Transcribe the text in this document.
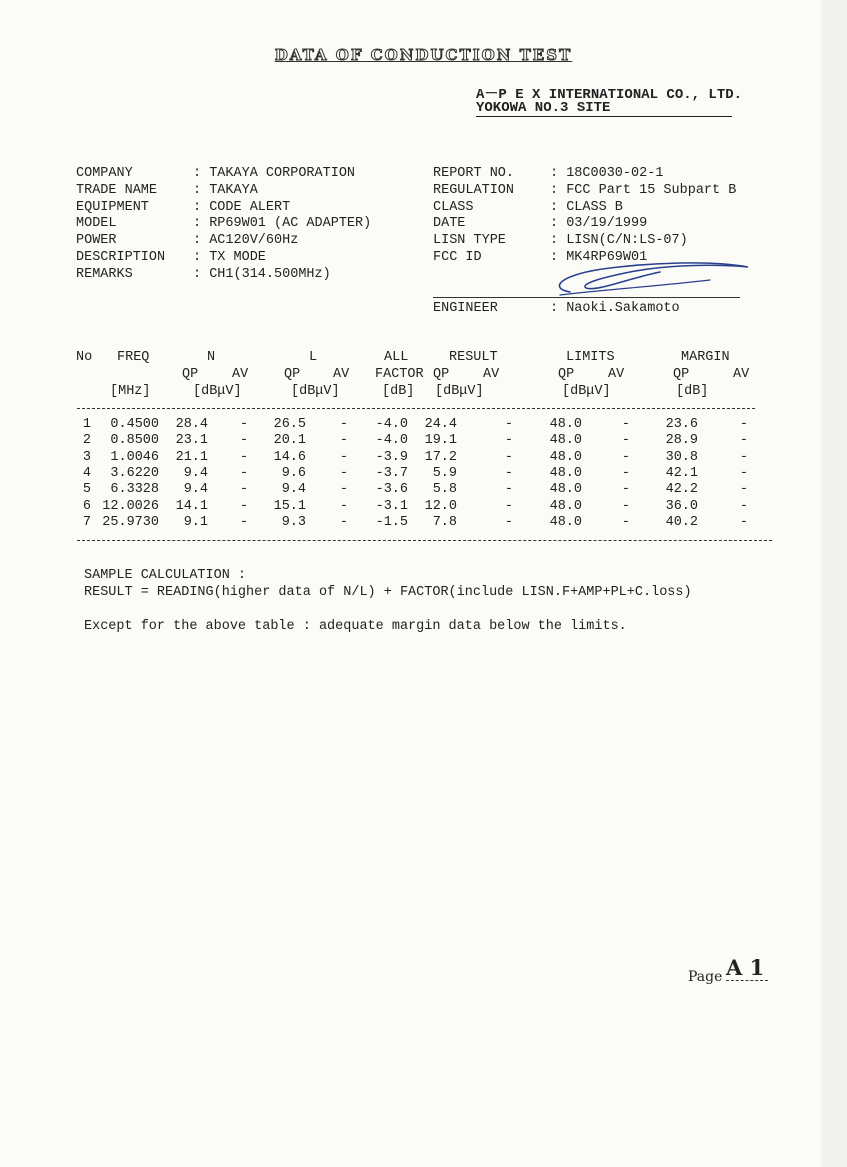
DATA OF CONDUCTION TEST
A－P E X INTERNATIONAL CO., LTD.
YOKOWA NO.3 SITE
COMPANY	: TAKAYA CORPORATION
TRADE NAME	: TAKAYA
EQUIPMENT	: CODE ALERT
MODEL	: RP69W01 (AC ADAPTER)
POWER	: AC120V/60Hz
DESCRIPTION : TX MODE
REMARKS	: CH1(314.500MHz)
REPORT NO.	: 18C0030-02-1
REGULATION	: FCC Part 15 Subpart B
CLASS	: CLASS B
DATE	: 03/19/1999
LISN TYPE	: LISN(C/N:LS-07)
FCC ID	: MK4RP69W01
ENGINEER	: Naoki.Sakamoto
No FREQ	N	L	ALL	RESULT	LIMITS	MARGIN
QP	AV	QP AV FACTOR QP	AV	QP	AV	QP	AV
[MHz]	[dBμV]	[dBμV]	[dB] [dBμV]	[dBμV]	[dB]
1 0.4500 28.4 - 26.5	- -4.0 24.4	-	48.0	-	23.6	-
2 0.8500 23.1 - 20.1	- -4.0 19.1	-	48.0	-	28.9	-
3 1.0046 21.1 - 14.6	- -3.9 17.2	-	48.0	-	30.8	-
4 3.6220 9.4 - 9.6	- -3.7 5.9	-	48.0	-	42.1	-
5 6.3328 9.4 - 9.4	- -3.6 5.8	-	48.0	-	42.2	-
6 12.0026 14.1 - 15.1	- -3.1 12.0	-	48.0	-	36.0	-
7 25.9730 9.1 - 9.3	- -1.5 7.8	-	48.0	-	40.2	-
SAMPLE CALCULATION :
RESULT = READING(higher data of N/L) + FACTOR(include LISN.F+AMP+PL+C.loss)
Except for the above table : adequate margin data below the limits.
Page A 1
